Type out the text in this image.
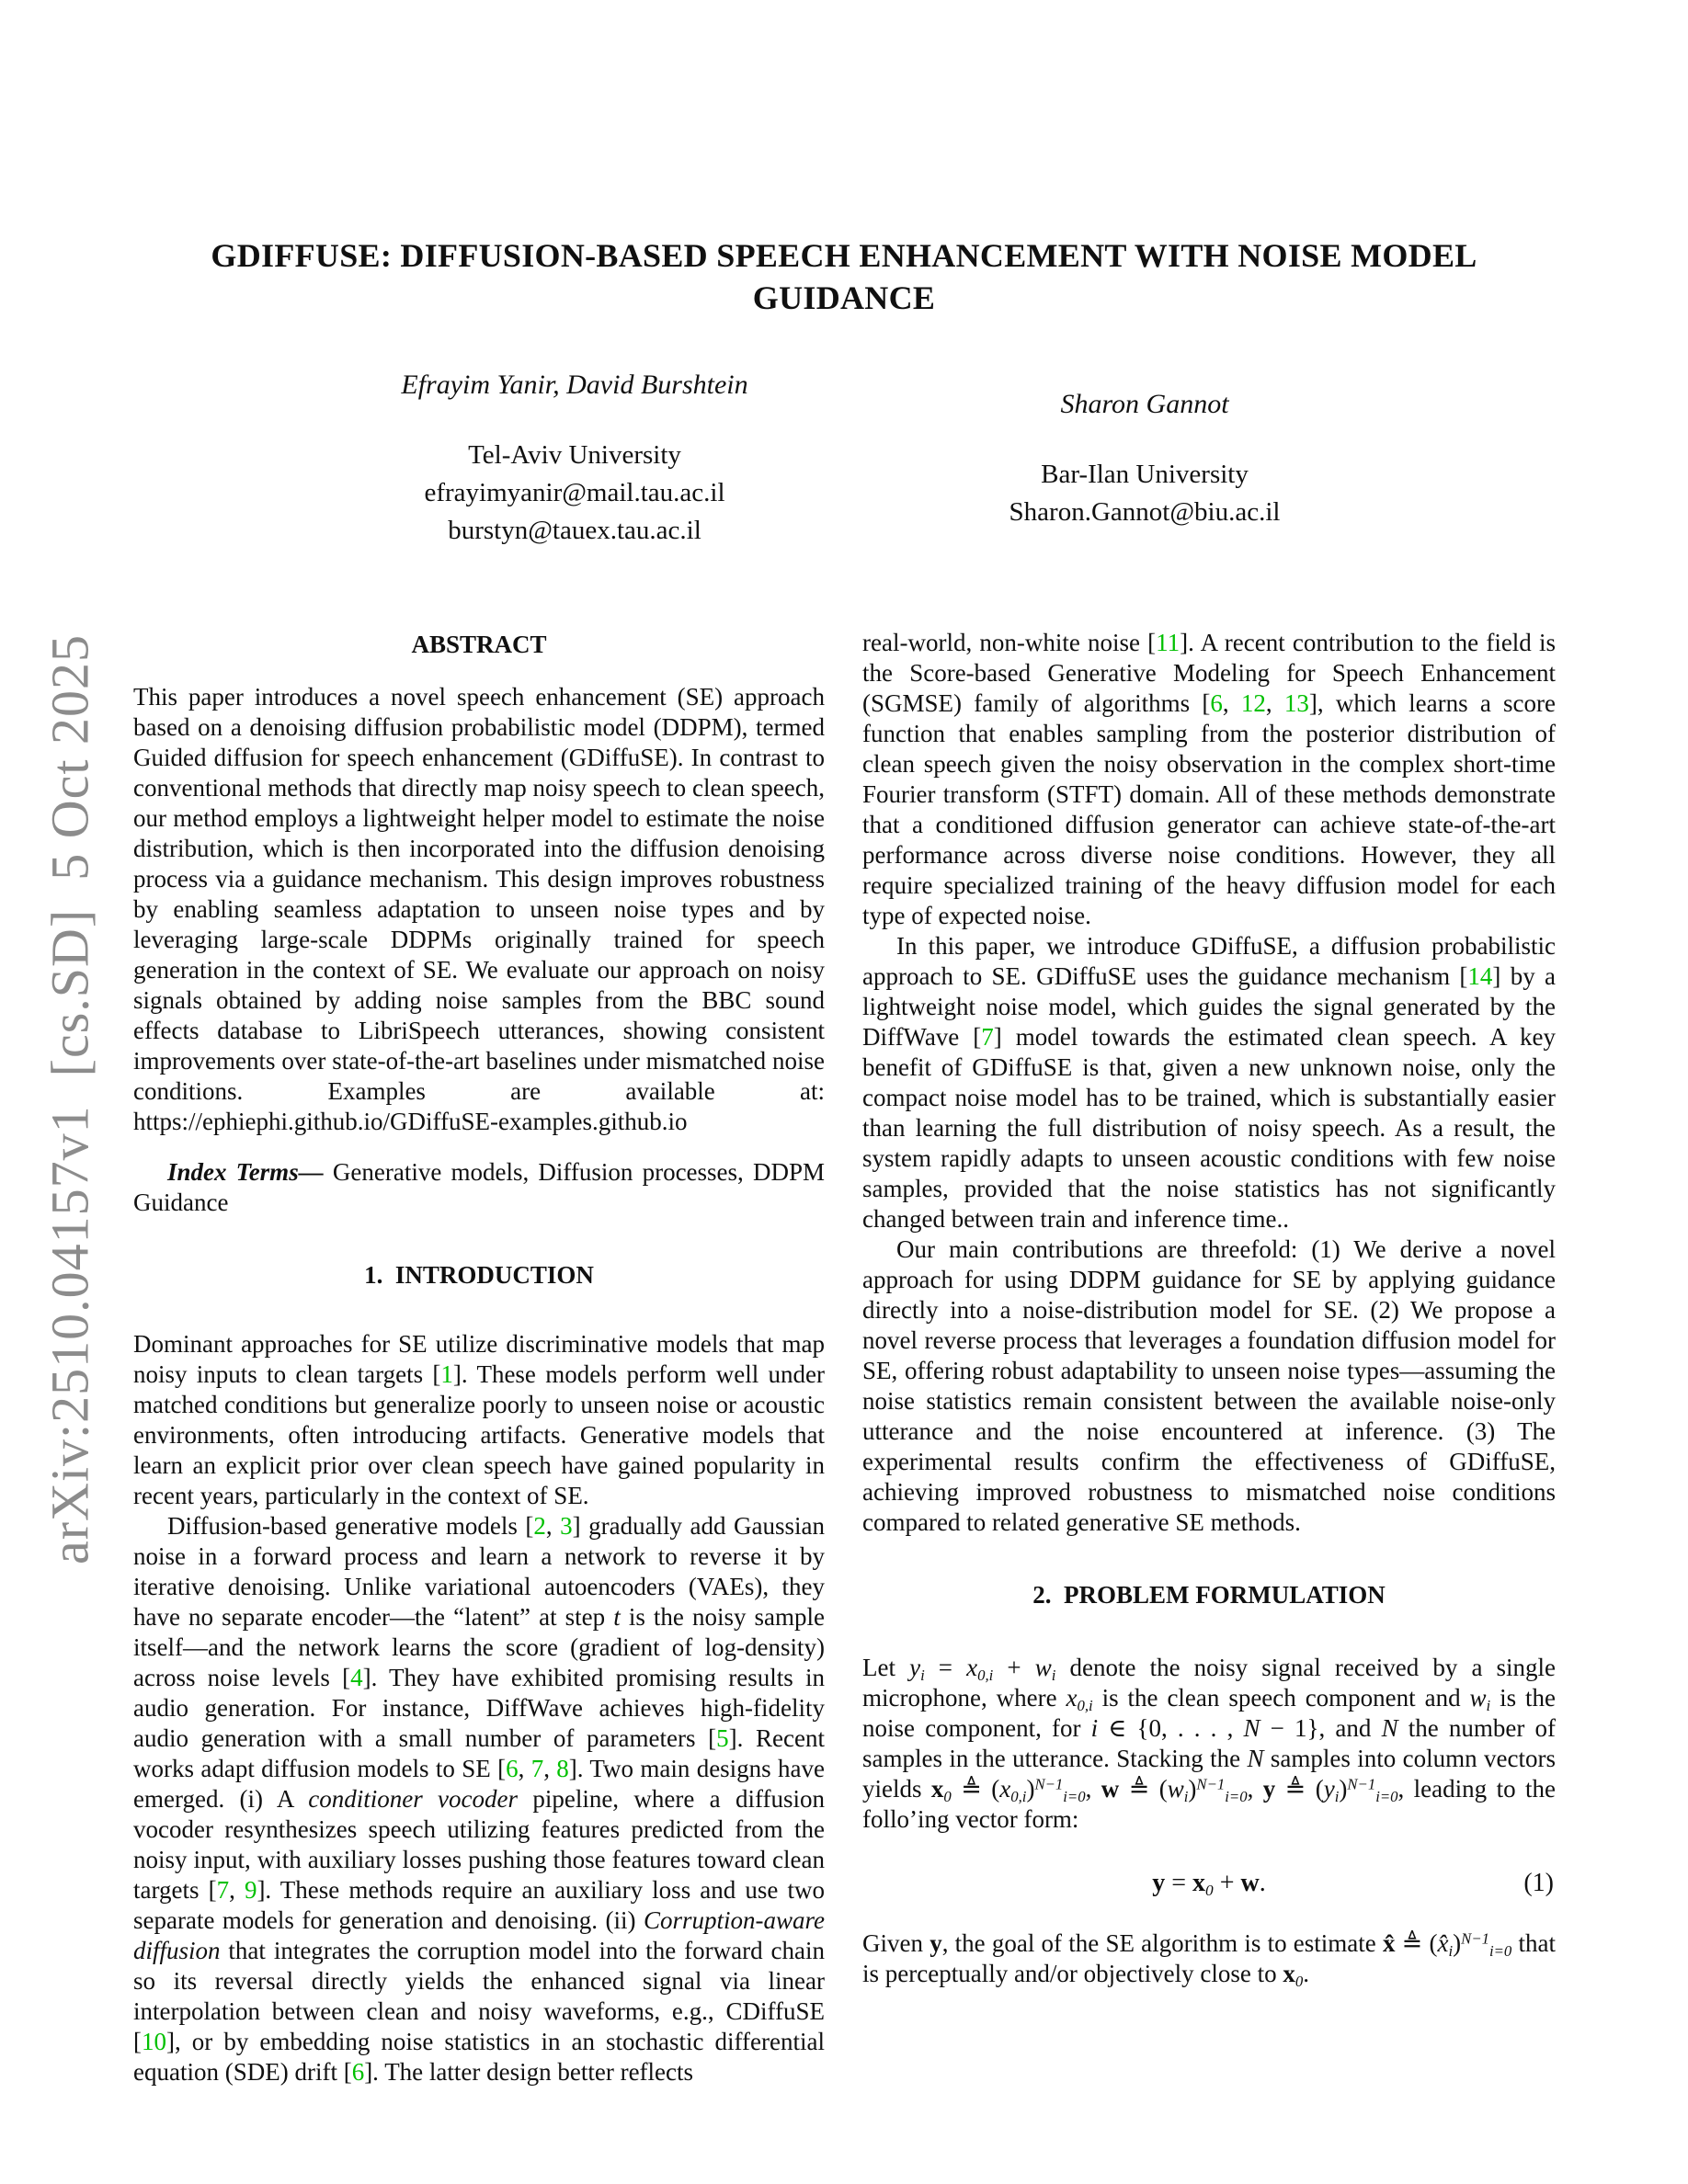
arXiv:2510.04157v1  [cs.SD]  5 Oct 2025
GDIFFUSE: DIFFUSION-BASED SPEECH ENHANCEMENT WITH NOISE MODEL
GUIDANCE
Efrayim Yanir, David Burshtein
Tel-Aviv University
efrayimyanir@mail.tau.ac.il
burstyn@tauex.tau.ac.il
Sharon Gannot
Bar-Ilan University
Sharon.Gannot@biu.ac.il
ABSTRACT

This paper introduces a novel speech enhancement (SE) approach based on a denoising diffusion probabilistic model (DDPM), termed Guided diffusion for speech enhancement (GDiffuSE). In contrast to conventional methods that directly map noisy speech to clean speech, our method employs a lightweight helper model to estimate the noise distribution, which is then incorporated into the diffusion denoising process via a guidance mechanism. This design improves robustness by enabling seamless adaptation to unseen noise types and by leveraging large-scale DDPMs originally trained for speech generation in the context of SE. We evaluate our approach on noisy signals obtained by adding noise samples from the BBC sound effects database to LibriSpeech utterances, showing consistent improvements over state-of-the-art baselines under mismatched noise conditions. Examples are available at: https://ephiephi.github.io/GDiffuSE-examples.github.io

Index Terms— Generative models, Diffusion processes, DDPM Guidance

1.  INTRODUCTION

Dominant approaches for SE utilize discriminative models that map noisy inputs to clean targets [1]. These models perform well under matched conditions but generalize poorly to unseen noise or acoustic environments, often introducing artifacts. Generative models that learn an explicit prior over clean speech have gained popularity in recent years, particularly in the context of SE.

Diffusion-based generative models [2, 3] gradually add Gaussian noise in a forward process and learn a network to reverse it by iterative denoising. Unlike variational autoencoders (VAEs), they have no separate encoder—the “latent” at step t is the noisy sample itself—and the network learns the score (gradient of log-density) across noise levels [4]. They have exhibited promising results in audio generation. For instance, DiffWave achieves high-fidelity audio generation with a small number of parameters [5]. Recent works adapt diffusion models to SE [6, 7, 8]. Two main designs have emerged. (i) A conditioner vocoder pipeline, where a diffusion vocoder resynthesizes speech utilizing features predicted from the noisy input, with auxiliary losses pushing those features toward clean targets [7, 9]. These methods require an auxiliary loss and use two separate models for generation and denoising. (ii) Corruption-aware diffusion that integrates the corruption model into the forward chain so its reversal directly yields the enhanced signal via linear interpolation between clean and noisy waveforms, e.g., CDiffuSE [10], or by embedding noise statistics in an stochastic differential equation (SDE) drift [6]. The latter design better reflects

real-world, non-white noise [11]. A recent contribution to the field is the Score-based Generative Modeling for Speech Enhancement (SGMSE) family of algorithms [6, 12, 13], which learns a score function that enables sampling from the posterior distribution of clean speech given the noisy observation in the complex short-time Fourier transform (STFT) domain. All of these methods demonstrate that a conditioned diffusion generator can achieve state-of-the-art performance across diverse noise conditions. However, they all require specialized training of the heavy diffusion model for each type of expected noise.

In this paper, we introduce GDiffuSE, a diffusion probabilistic approach to SE. GDiffuSE uses the guidance mechanism [14] by a lightweight noise model, which guides the signal generated by the DiffWave [7] model towards the estimated clean speech. A key benefit of GDiffuSE is that, given a new unknown noise, only the compact noise model has to be trained, which is substantially easier than learning the full distribution of noisy speech. As a result, the system rapidly adapts to unseen acoustic conditions with few noise samples, provided that the noise statistics has not significantly changed between train and inference time..

Our main contributions are threefold: (1) We derive a novel approach for using DDPM guidance for SE by applying guidance directly into a noise-distribution model for SE. (2) We propose a novel reverse process that leverages a foundation diffusion model for SE, offering robust adaptability to unseen noise types—assuming the noise statistics remain consistent between the available noise-only utterance and the noise encountered at inference. (3) The experimental results confirm the effectiveness of GDiffuSE, achieving improved robustness to mismatched noise conditions compared to related generative SE methods.

2.  PROBLEM FORMULATION

Let $y_i = x_{0,i} + w_i$ denote the noisy signal received by a single microphone, where $x_{0,i}$ is the clean speech component and $w_i$ is the noise component, for i ∈ {0, . . . , N − 1}, and N the number of samples in the utterance. Stacking the N samples into column vectors yields $x_0$ ≜ $(x_{0,i})^{N-1}_{i=0}$, w ≜ $(w_i)^{N-1}_{i=0}$, y ≜ $(y_i)^{N-1}_{i=0}$, leading to the follo’ing vector form:

$y = x_0 + w$.	(1)

Given y, the goal of the SE algorithm is to estimate x̂ ≜ $(x̂_i)^{N-1}_{i=0}$ that is perceptually and/or objectively close to $x_0$.
